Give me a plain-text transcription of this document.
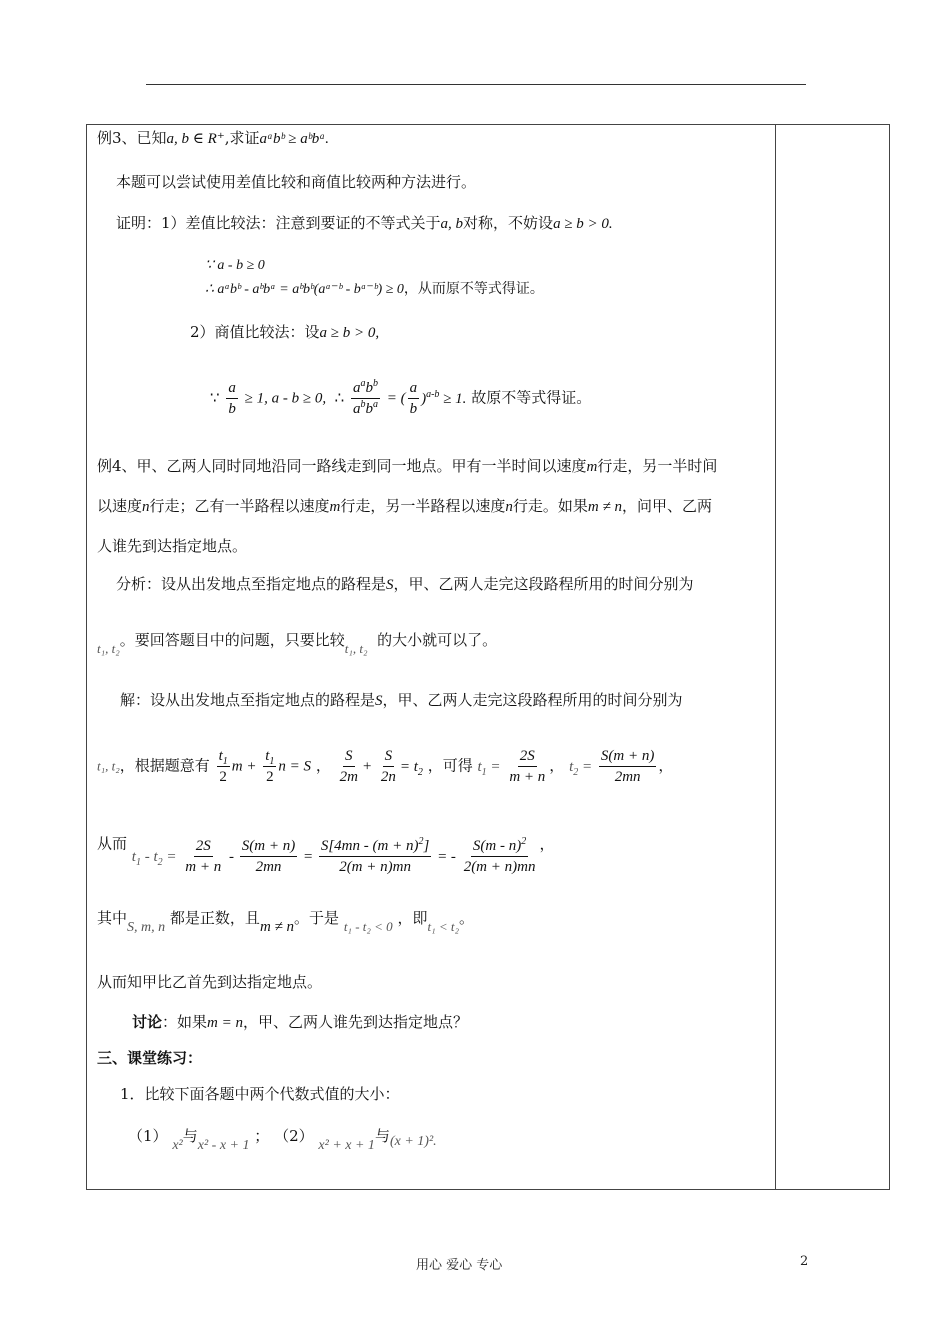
例3、已知a, b ∈ R⁺,求证aᵃbᵇ ≥ aᵇbᵃ.
本题可以尝试使用差值比较和商值比较两种方法进行。
证明：1）差值比较法：注意到要证的不等式关于a, b对称，不妨设a ≥ b > 0.
∵ a - b ≥ 0
∴ aᵃbᵇ - aᵇbᵃ = aᵇbᵇ(aᵃ⁻ᵇ - bᵃ⁻ᵇ) ≥ 0，从而原不等式得证。
2）商值比较法：设a ≥ b > 0,
∵ $\frac{a}{b} \ge 1$, a - b ≥ 0,  ∴ $\frac{a^ab^b}{a^bb^a}$ = ( $\frac{a}{b} )^{a-b} \ge 1$. 故原不等式得证。
例4、甲、乙两人同时同地沿同一路线走到同一地点。甲有一半时间以速度m行走，另一半时间
以速度n行走；乙有一半路程以速度m行走，另一半路程以速度n行走。如果m ≠ n，问甲、乙两
人谁先到达指定地点。
分析：设从出发地点至指定地点的路程是S，甲、乙两人走完这段路程所用的时间分别为
t₁, t₂。要回答题目中的问题，只要比较t₁, t₂ 的大小就可以了。
解：设从出发地点至指定地点的路程是S，甲、乙两人走完这段路程所用的时间分别为
t₁, t₂，根据题意有 $\frac{t_1}{2}$ $m + \frac{t_1}{2}$ n = S ， $\frac{S}{2m} + \frac{S}{2n} = t_2$ ，可得 $t_1 = \frac{2S}{m + n}$ ， $t_2 = \frac{S(m + n)}{2mn}$ ，
从而 $t_1 - t_2 = \frac{2S}{m + n} - \frac{S(m + n)}{2mn} = \frac{S[4mn - (m + n)^2]}{2(m + n)mn}$ = - $\frac{S(m - n)^2}{2(m + n)mn}$ ，
其中S, m, n 都是正数，且m ≠ n。于是 t₁ - t₂ < 0 ，即t₁ < t₂。
从而知甲比乙首先到达指定地点。
讨论：如果m = n，甲、乙两人谁先到达指定地点？
三、课堂练习：
1．比较下面各题中两个代数式值的大小：
（1） x²与x² - x + 1 ； （2） x² + x + 1与(x + 1)².
用心 爱心 专心	2
